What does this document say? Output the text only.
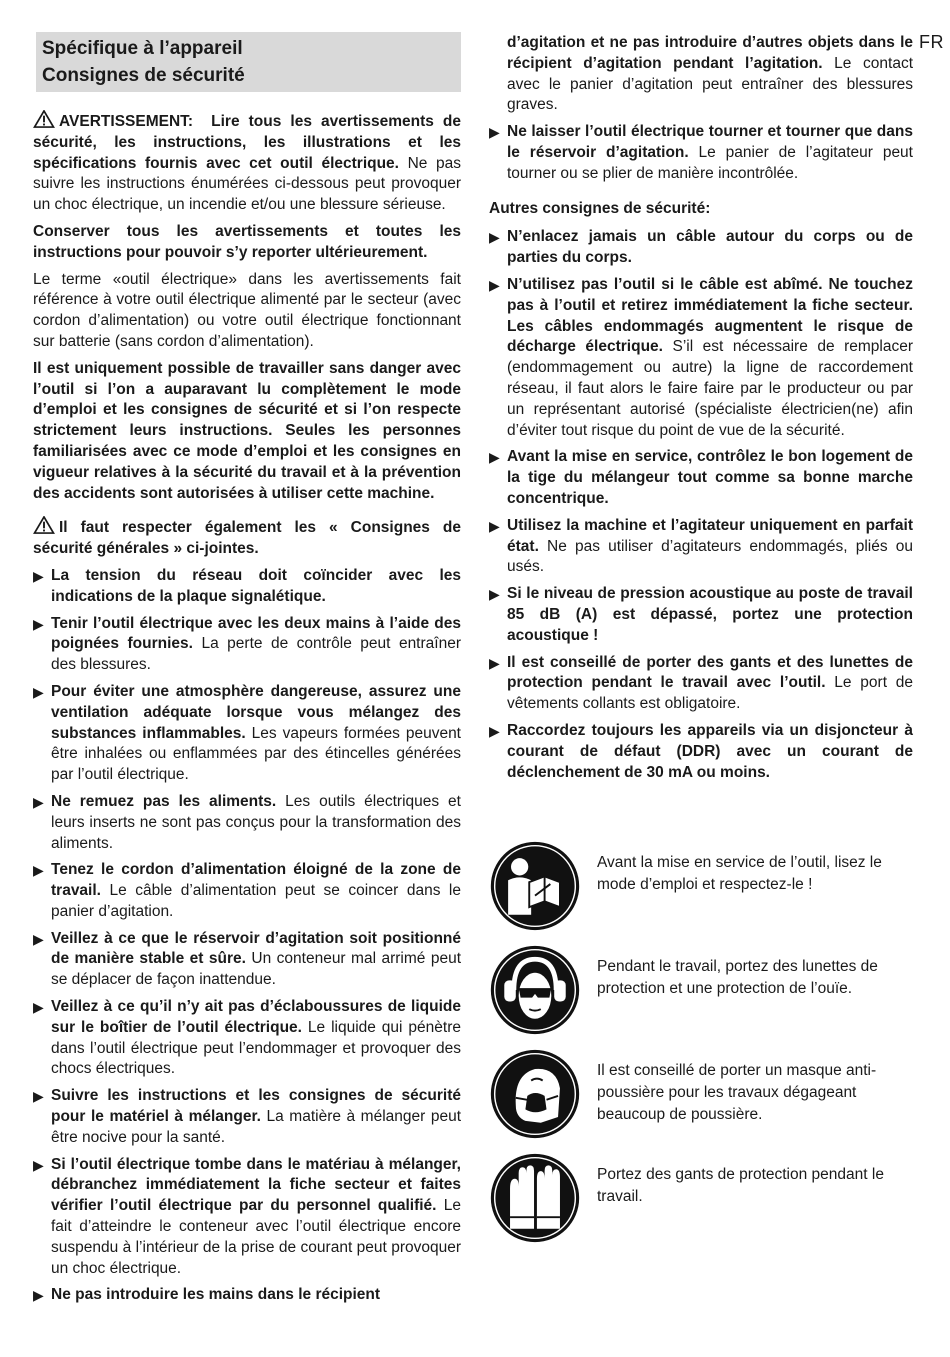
FR
Spécifique à l’appareil
Consignes de sécurité

AVERTISSEMENT:  Lire tous les avertissements de sécurité, les instructions, les illustrations et les spécifications fournis avec cet outil électrique. Ne pas suivre les instructions énumérées ci-dessous peut provoquer un choc électrique, un incendie et/ou une blessure sérieuse.

Conserver tous les avertissements et toutes les instructions pour pouvoir s’y reporter ultérieurement.

Le terme «outil électrique» dans les avertissements fait référence à votre outil électrique alimenté par le secteur (avec cordon d’alimentation) ou votre outil électrique fonctionnant sur batterie (sans cordon d’alimentation).

Il est uniquement possible de travailler sans danger avec l’outil si l’on a auparavant lu complètement le mode d’emploi et les consignes de sécurité et si l’on respecte strictement leurs instructions. Seules les personnes familiarisées avec ce mode d’emploi et les consignes en vigueur relatives à la sécurité du travail et à la prévention des accidents sont autorisées à utiliser cette machine.

Il faut respecter également les « Consignes de sécurité générales » ci-jointes.

▶ La tension du réseau doit coïncider avec les indications de la plaque signalétique.
▶ Tenir l’outil électrique avec les deux mains à l’aide des poignées fournies. La perte de contrôle peut entraîner des blessures.
▶ Pour éviter une atmosphère dangereuse, assurez une ventilation adéquate lorsque vous mélangez des substances inflammables. Les vapeurs formées peuvent être inhalées ou enflammées par des étincelles générées par l’outil électrique.
▶ Ne remuez pas les aliments. Les outils électriques et leurs inserts ne sont pas conçus pour la transformation des aliments.
▶ Tenez le cordon d’alimentation éloigné de la zone de travail. Le câble d’alimentation peut se coincer dans le panier d’agitation.
▶ Veillez à ce que le réservoir d’agitation soit positionné de manière stable et sûre. Un conteneur mal arrimé peut se déplacer de façon inattendue.
▶ Veillez à ce qu’il n’y ait pas d’éclaboussures de liquide sur le boîtier de l’outil électrique. Le liquide qui pénètre dans l’outil électrique peut l’endommager et provoquer des chocs électriques.
▶ Suivre les instructions et les consignes de sécurité pour le matériel à mélanger. La matière à mélanger peut être nocive pour la santé.
▶ Si l’outil électrique tombe dans le matériau à mélanger, débranchez immédiatement la fiche secteur et faites vérifier l’outil électrique par du personnel qualifié. Le fait d’atteindre le conteneur avec l’outil électrique encore suspendu à l’intérieur de la prise de courant peut provoquer un choc électrique.
▶ Ne pas introduire les mains dans le récipient

d’agitation et ne pas introduire d’autres objets dans le récipient d’agitation pendant l’agitation. Le contact avec le panier d’agitation peut entraîner des blessures graves.

▶ Ne laisser l’outil électrique tourner et tourner que dans le réservoir d’agitation. Le panier de l’agitateur peut tourner ou se plier de manière incontrôlée.
Autres consignes de sécurité:
▶ N’enlacez jamais un câble autour du corps ou de parties du corps.
▶ N’utilisez pas l’outil si le câble est abîmé. Ne touchez pas à l’outil et retirez immédiatement la fiche secteur. Les câbles endommagés augmentent le risque de décharge électrique. S’il est nécessaire de remplacer (endommagement ou autre) la ligne de raccordement réseau, il faut alors le faire faire par le producteur ou par un représentant autorisé (spécialiste électricien(ne) afin d’éviter tout risque du point de vue de la sécurité.
▶ Avant la mise en service, contrôlez le bon logement de la tige du mélangeur tout comme sa bonne marche concentrique.
▶ Utilisez la machine et l’agitateur uniquement en parfait état. Ne pas utiliser d’agitateurs endommagés, pliés ou usés.
▶ Si le niveau de pression acoustique au poste de travail 85 dB (A) est dépassé, portez une protection acoustique !
▶ Il est conseillé de porter des gants et des lunettes de protection pendant le travail avec l’outil. Le port de vêtements collants est obligatoire.
▶ Raccordez toujours les appareils via un disjoncteur à courant de défaut (DDR) avec un courant de déclenchement de 30 mA ou moins.
Avant la mise en service de l’outil, lisez le mode d’emploi et respectez-le !
Pendant le travail, portez des lunettes de protection et une protection de l’ouïe.
Il est conseillé de porter un masque anti-poussière pour les travaux dégageant beaucoup de poussière.
Portez des gants de protection pendant le travail.
